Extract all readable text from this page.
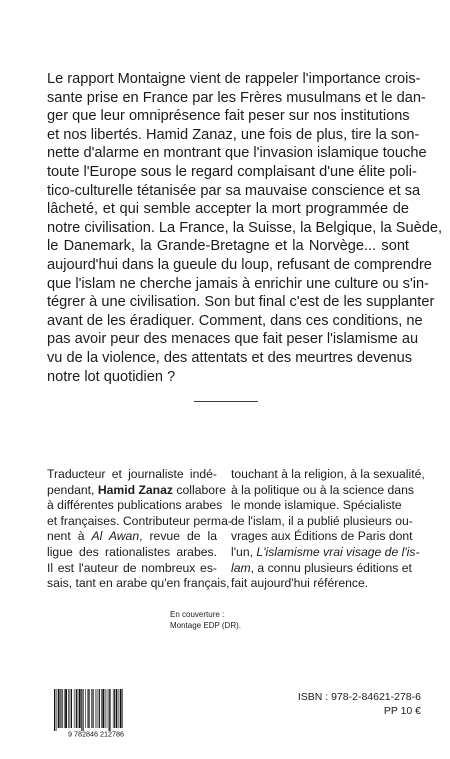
Le rapport Montaigne vient de rappeler l'importance crois-
sante prise en France par les Frères musulmans et le dan-
ger que leur omniprésence fait peser sur nos institutions
et nos libertés. Hamid Zanaz, une fois de plus, tire la son-
nette d'alarme en montrant que l'invasion islamique touche
toute l'Europe sous le regard complaisant d'une élite poli-
tico-culturelle tétanisée par sa mauvaise conscience et sa
lâcheté, et qui semble accepter la mort programmée de
notre civilisation. La France, la Suisse, la Belgique, la Suède,
le Danemark, la Grande-Bretagne et la Norvège... sont
aujourd'hui dans la gueule du loup, refusant de comprendre
que l'islam ne cherche jamais à enrichir une culture ou s'in-
tégrer à une civilisation. Son but final c'est de les supplanter
avant de les éradiquer. Comment, dans ces conditions, ne
pas avoir peur des menaces que fait peser l'islamisme au
vu de la violence, des attentats et des meurtres devenus
notre lot quotidien ?
Traducteur et journaliste indé-
pendant, Hamid Zanaz collabore
à différentes publications arabes
et françaises. Contributeur perma-
nent à Al Awan, revue de la
ligue des rationalistes arabes.
Il est l'auteur de nombreux es-
sais, tant en arabe qu'en français,
touchant à la religion, à la sexualité,
à la politique ou à la science dans
le monde islamique. Spécialiste
de l'islam, il a publié plusieurs ou-
vrages aux Éditions de Paris dont
l'un, L'islamisme vrai visage de l'is-
lam, a connu plusieurs éditions et
fait aujourd'hui référence.
En couverture :
Montage EDP (DR).
9 782846 212786
ISBN : 978-2-84621-278-6
PP 10 €
